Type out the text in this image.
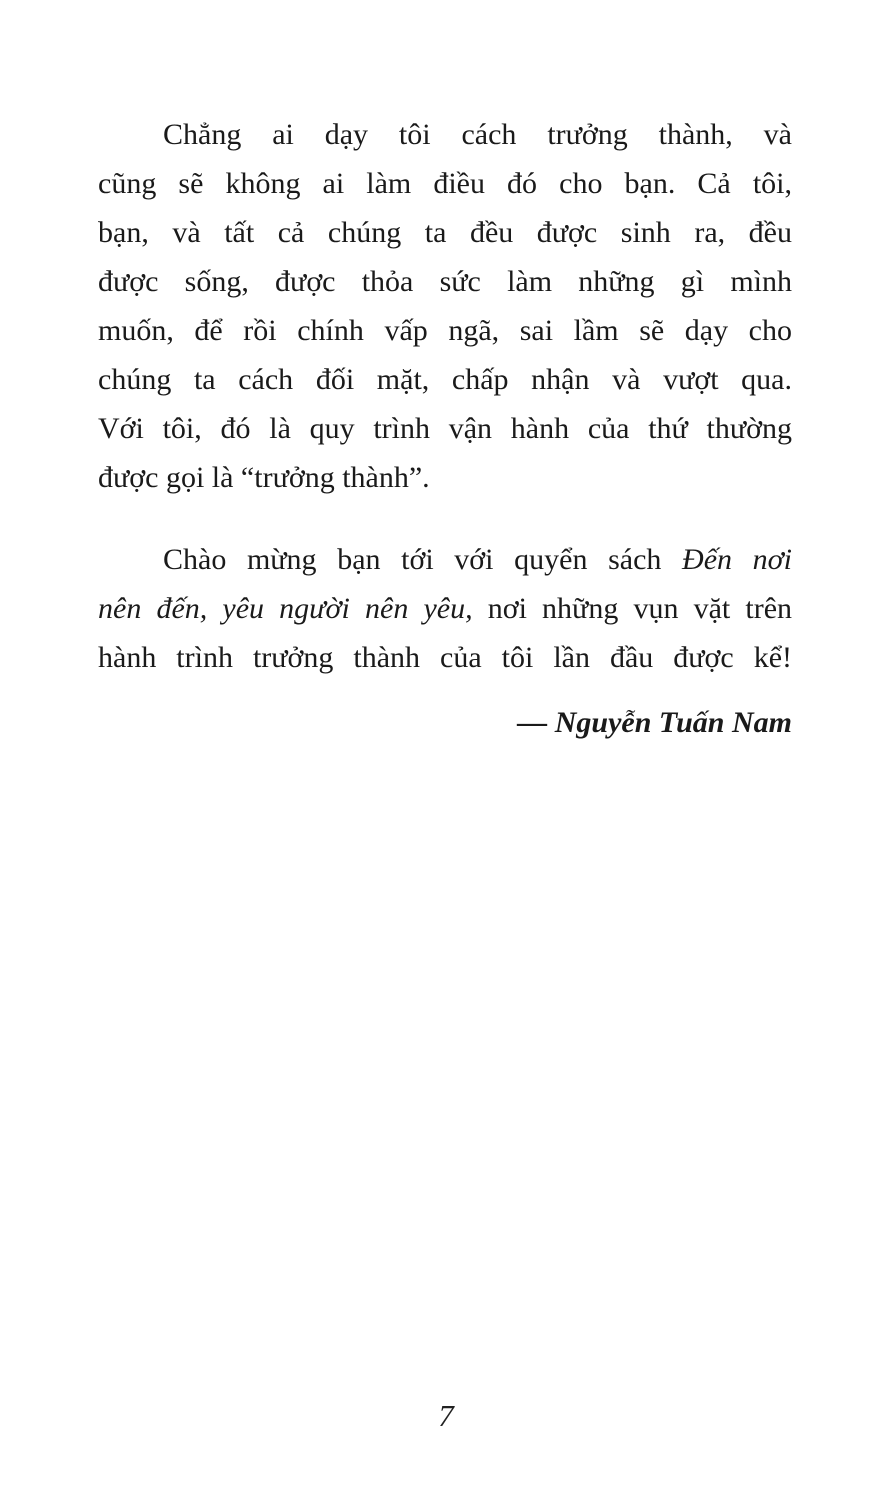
Chẳng ai dạy tôi cách trưởng thành, và
cũng sẽ không ai làm điều đó cho bạn. Cả tôi,
bạn, và tất cả chúng ta đều được sinh ra, đều
được sống, được thỏa sức làm những gì mình
muốn, để rồi chính vấp ngã, sai lầm sẽ dạy cho
chúng ta cách đối mặt, chấp nhận và vượt qua.
Với tôi, đó là quy trình vận hành của thứ thường
được gọi là “trưởng thành”.
Chào mừng bạn tới với quyển sách Đến nơi
nên đến, yêu người nên yêu, nơi những vụn vặt trên
hành trình trưởng thành của tôi lần đầu được kể!
— Nguyễn Tuấn Nam
7
